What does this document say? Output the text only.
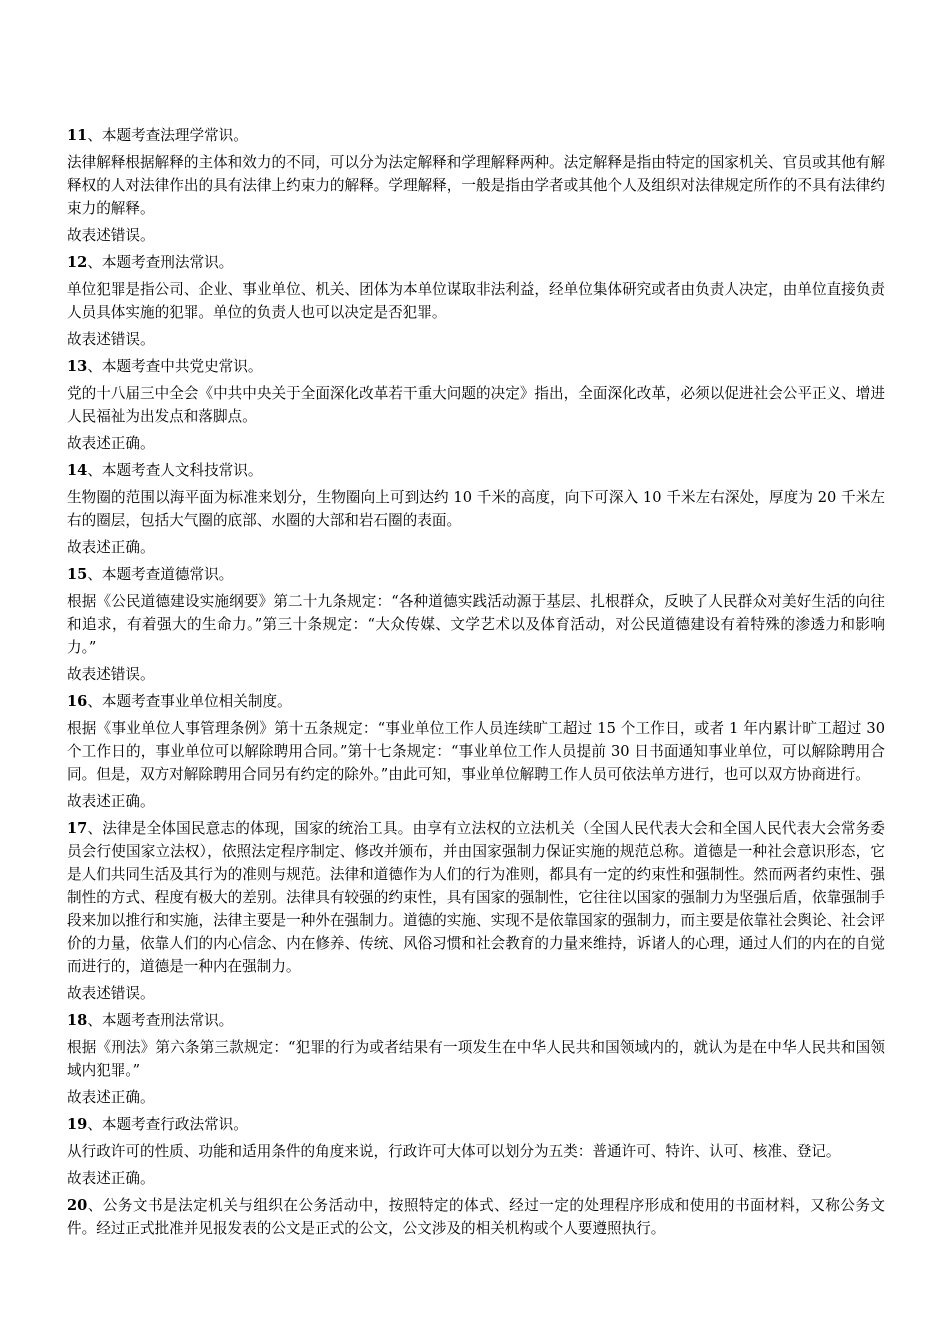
11、本题考查法理学常识。

法律解释根据解释的主体和效力的不同，可以分为法定解释和学理解释两种。法定解释是指由特定的国家机关、官员或其他有解释权的人对法律作出的具有法律上约束力的解释。学理解释，一般是指由学者或其他个人及组织对法律规定所作的不具有法律约束力的解释。

故表述错误。

12、本题考查刑法常识。

单位犯罪是指公司、企业、事业单位、机关、团体为本单位谋取非法利益，经单位集体研究或者由负责人决定，由单位直接负责人员具体实施的犯罪。单位的负责人也可以决定是否犯罪。

故表述错误。

13、本题考查中共党史常识。

党的十八届三中全会《中共中央关于全面深化改革若干重大问题的决定》指出，全面深化改革，必须以促进社会公平正义、增进人民福祉为出发点和落脚点。

故表述正确。

14、本题考查人文科技常识。

生物圈的范围以海平面为标准来划分，生物圈向上可到达约 10 千米的高度，向下可深入 10 千米左右深处，厚度为 20 千米左右的圈层，包括大气圈的底部、水圈的大部和岩石圈的表面。

故表述正确。

15、本题考查道德常识。

根据《公民道德建设实施纲要》第二十九条规定：“各种道德实践活动源于基层、扎根群众，反映了人民群众对美好生活的向往和追求，有着强大的生命力。”第三十条规定：“大众传媒、文学艺术以及体育活动，对公民道德建设有着特殊的渗透力和影响力。”

故表述错误。

16、本题考查事业单位相关制度。

根据《事业单位人事管理条例》第十五条规定：“事业单位工作人员连续旷工超过 15 个工作日，或者 1 年内累计旷工超过 30 个工作日的，事业单位可以解除聘用合同。”第十七条规定：“事业单位工作人员提前 30 日书面通知事业单位，可以解除聘用合同。但是，双方对解除聘用合同另有约定的除外。”由此可知，事业单位解聘工作人员可依法单方进行，也可以双方协商进行。

故表述正确。

17、法律是全体国民意志的体现，国家的统治工具。由享有立法权的立法机关（全国人民代表大会和全国人民代表大会常务委员会行使国家立法权），依照法定程序制定、修改并颁布，并由国家强制力保证实施的规范总称。道德是一种社会意识形态，它是人们共同生活及其行为的准则与规范。法律和道德作为人们的行为准则，都具有一定的约束性和强制性。然而两者约束性、强制性的方式、程度有极大的差别。法律具有较强的约束性，具有国家的强制性，它往往以国家的强制力为坚强后盾，依靠强制手段来加以推行和实施，法律主要是一种外在强制力。道德的实施、实现不是依靠国家的强制力，而主要是依靠社会舆论、社会评价的力量，依靠人们的内心信念、内在修养、传统、风俗习惯和社会教育的力量来维持，诉诸人的心理，通过人们的内在的自觉而进行的，道德是一种内在强制力。

故表述错误。

18、本题考查刑法常识。

根据《刑法》第六条第三款规定：“犯罪的行为或者结果有一项发生在中华人民共和国领域内的，就认为是在中华人民共和国领域内犯罪。”

故表述正确。

19、本题考查行政法常识。

从行政许可的性质、功能和适用条件的角度来说，行政许可大体可以划分为五类：普通许可、特许、认可、核准、登记。

故表述正确。

20、公务文书是法定机关与组织在公务活动中，按照特定的体式、经过一定的处理程序形成和使用的书面材料，又称公务文件。经过正式批准并见报发表的公文是正式的公文，公文涉及的相关机构或个人要遵照执行。
